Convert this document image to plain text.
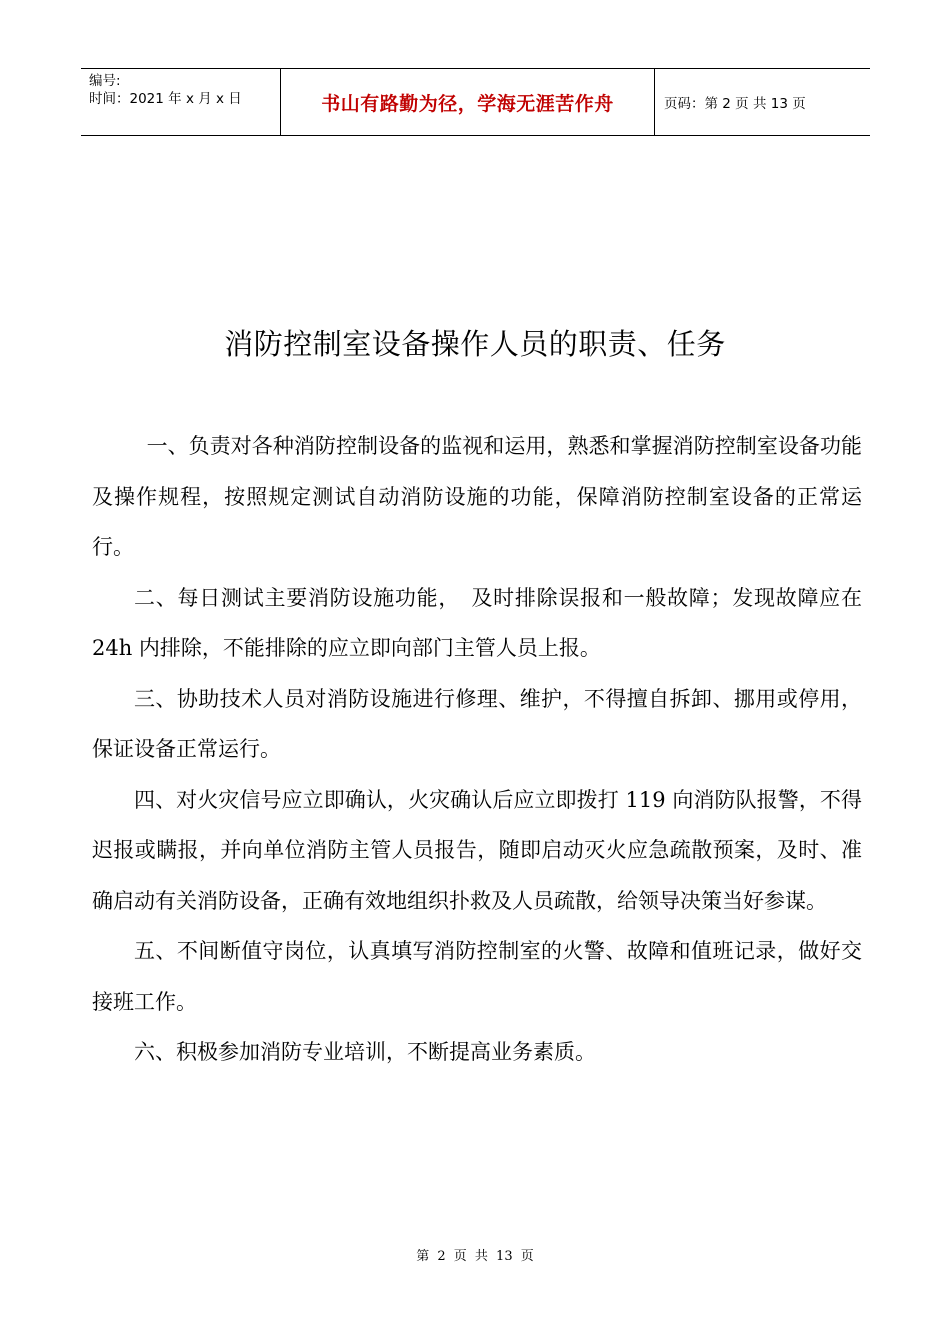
编号:
时间：2021 年 x 月 x 日	书山有路勤为径，学海无涯苦作舟	页码：第 2 页 共 13 页
消防控制室设备操作人员的职责、任务

一、负责对各种消防控制设备的监视和运用，熟悉和掌握消防控制室设备功能及操作规程，按照规定测试自动消防设施的功能，保障消防控制室设备的正常运行。

二、每日测试主要消防设施功能，　及时排除误报和一般故障；发现故障应在 24h 内排除，不能排除的应立即向部门主管人员上报。

三、协助技术人员对消防设施进行修理、维护，不得擅自拆卸、挪用或停用，保证设备正常运行。

四、对火灾信号应立即确认，火灾确认后应立即拨打 119 向消防队报警，不得迟报或瞒报，并向单位消防主管人员报告，随即启动灭火应急疏散预案，及时、准确启动有关消防设备，正确有效地组织扑救及人员疏散，给领导决策当好参谋。

五、不间断值守岗位，认真填写消防控制室的火警、故障和值班记录，做好交接班工作。

六、积极参加消防专业培训，不断提高业务素质。

第 2 页 共 13 页
